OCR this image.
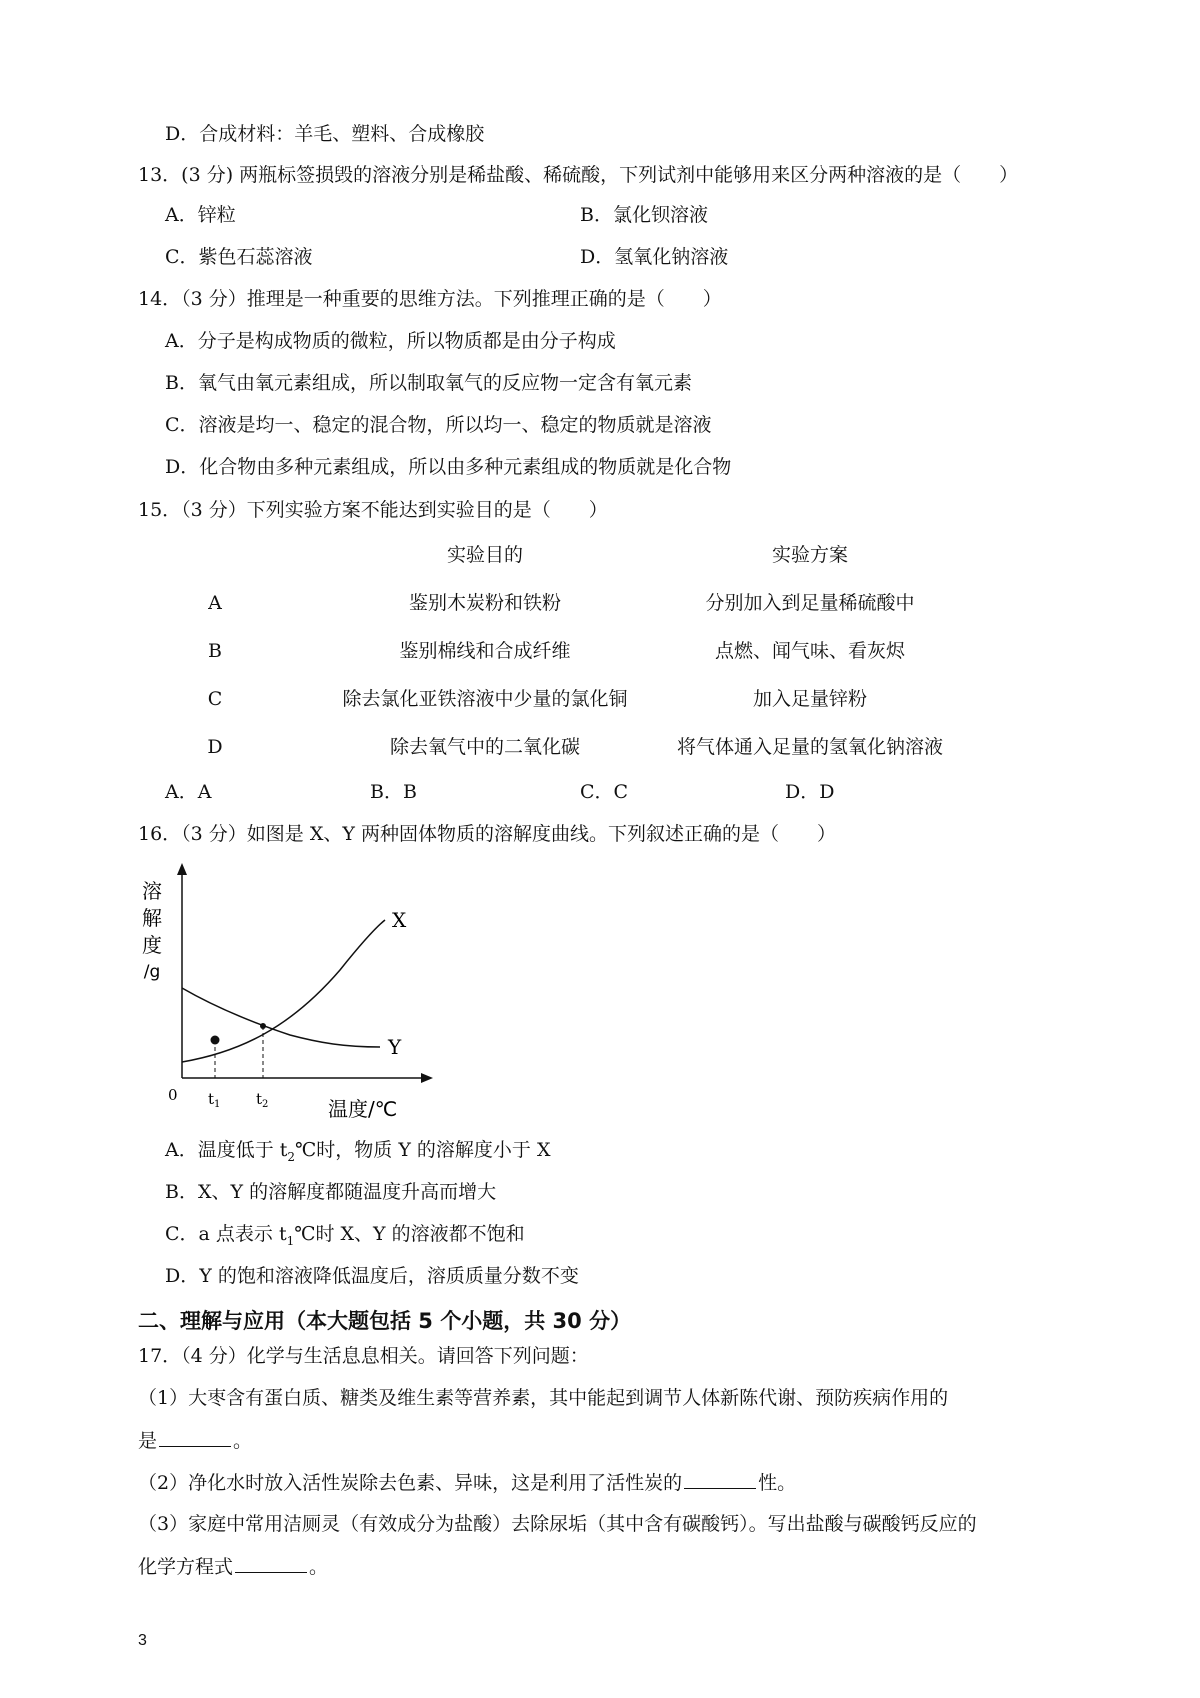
D．合成材料：羊毛、塑料、合成橡胶
13．(3 分) 两瓶标签损毁的溶液分别是稀盐酸、稀硫酸，下列试剂中能够用来区分两种溶液的是（　　）
A．锌粒	B．氯化钡溶液
C．紫色石蕊溶液	D．氢氧化钠溶液
14．（3 分）推理是一种重要的思维方法。下列推理正确的是（　　）
A．分子是构成物质的微粒，所以物质都是由分子构成
B．氧气由氧元素组成，所以制取氧气的反应物一定含有氧元素
C．溶液是均一、稳定的混合物，所以均一、稳定的物质就是溶液
D．化合物由多种元素组成，所以由多种元素组成的物质就是化合物
15．（3 分）下列实验方案不能达到实验目的是（　　）
实验目的	实验方案
A	鉴别木炭粉和铁粉	分别加入到足量稀硫酸中
B	鉴别棉线和合成纤维	点燃、闻气味、看灰烬
C	除去氯化亚铁溶液中少量的氯化铜	加入足量锌粉
D	除去氧气中的二氧化碳	将气体通入足量的氢氧化钠溶液
A．A	B．B	C．C	D．D
16．（3 分）如图是 X、Y 两种固体物质的溶解度曲线。下列叙述正确的是（　　）
溶
解
度
/g
X
Y
0 $t_1$ $t_2$	温度/℃
A．温度低于 $t_2℃$时，物质 Y 的溶解度小于 X
B．X、Y 的溶解度都随温度升高而增大
C．a 点表示 $t_1℃$时 X、Y 的溶液都不饱和
D．Y 的饱和溶液降低温度后，溶质质量分数不变
二、理解与应用（本大题包括 5 个小题，共 30 分）
17．（4 分）化学与生活息息相关。请回答下列问题：
（1）大枣含有蛋白质、糖类及维生素等营养素，其中能起到调节人体新陈代谢、预防疾病作用的
是	。
（2）净化水时放入活性炭除去色素、异味，这是利用了活性炭的	性。
（3）家庭中常用洁厕灵（有效成分为盐酸）去除尿垢（其中含有碳酸钙）。写出盐酸与碳酸钙反应的
化学方程式	。
3
